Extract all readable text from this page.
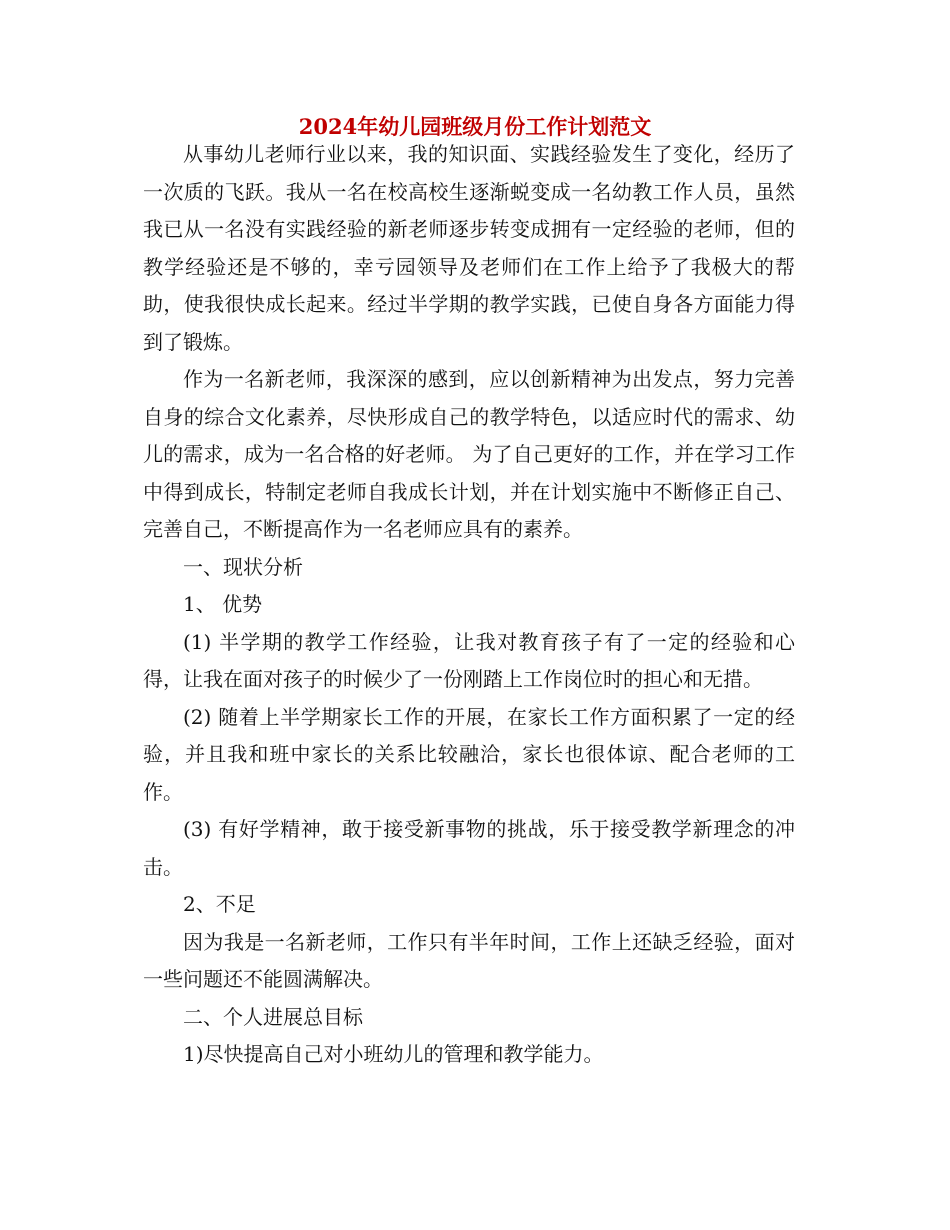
2024年幼儿园班级月份工作计划范文

从事幼儿老师行业以来，我的知识面、实践经验发生了变化，经历了一次质的飞跃。我从一名在校高校生逐渐蜕变成一名幼教工作人员，虽然我已从一名没有实践经验的新老师逐步转变成拥有一定经验的老师，但的教学经验还是不够的，幸亏园领导及老师们在工作上给予了我极大的帮助，使我很快成长起来。经过半学期的教学实践，已使自身各方面能力得到了锻炼。

作为一名新老师，我深深的感到，应以创新精神为出发点，努力完善自身的综合文化素养，尽快形成自己的教学特色，以适应时代的需求、幼儿的需求，成为一名合格的好老师。 为了自己更好的工作，并在学习工作中得到成长，特制定老师自我成长计划，并在计划实施中不断修正自己、完善自己，不断提高作为一名老师应具有的素养。

一、现状分析

1、 优势

(1) 半学期的教学工作经验，让我对教育孩子有了一定的经验和心得，让我在面对孩子的时候少了一份刚踏上工作岗位时的担心和无措。

(2) 随着上半学期家长工作的开展，在家长工作方面积累了一定的经验，并且我和班中家长的关系比较融洽，家长也很体谅、配合老师的工作。

(3) 有好学精神，敢于接受新事物的挑战，乐于接受教学新理念的冲击。

2、不足

因为我是一名新老师，工作只有半年时间，工作上还缺乏经验，面对一些问题还不能圆满解决。

二、个人进展总目标

1)尽快提高自己对小班幼儿的管理和教学能力。
